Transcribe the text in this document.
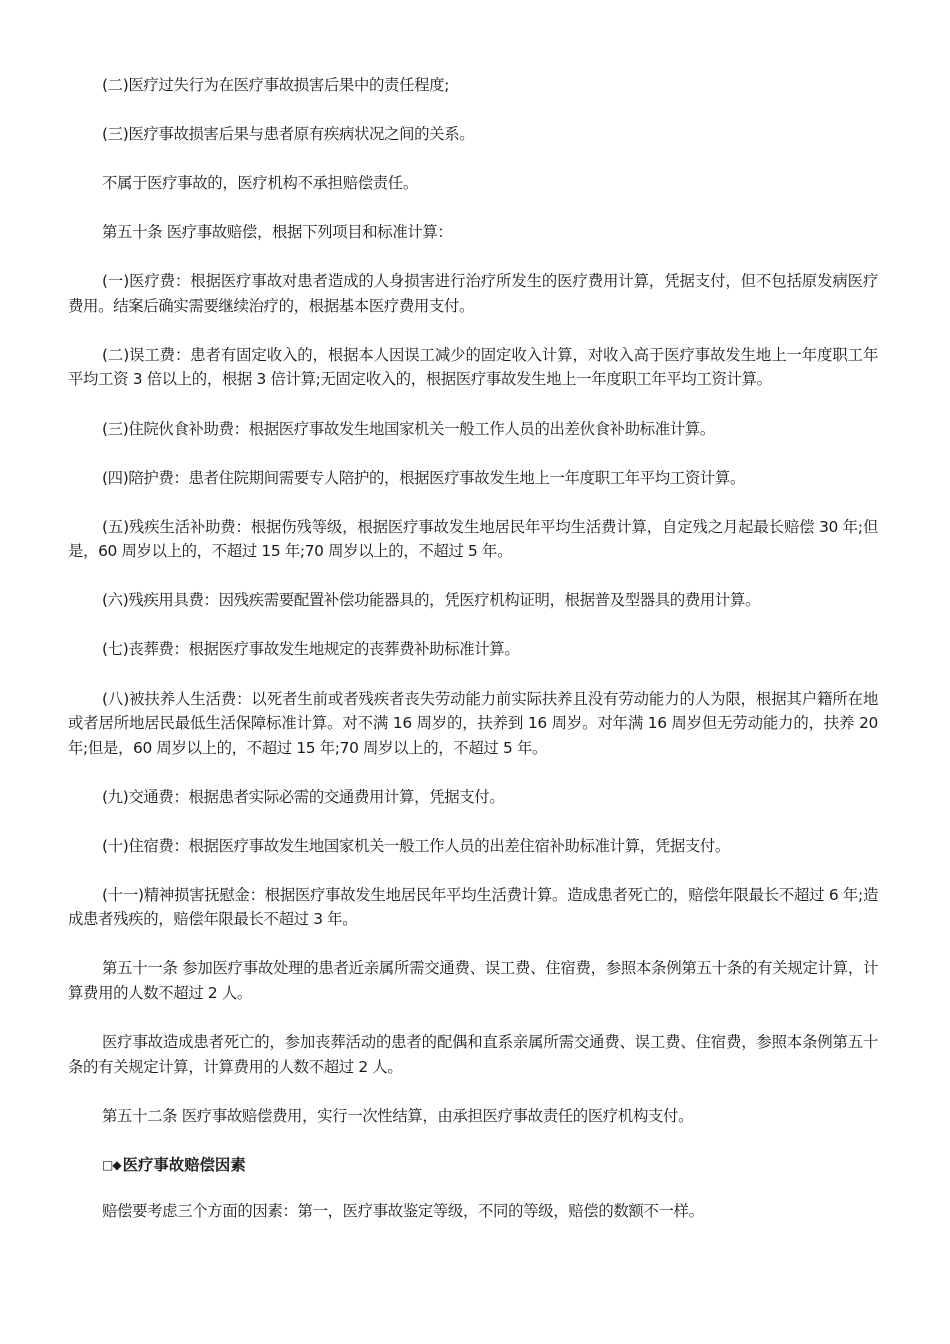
(二)医疗过失行为在医疗事故损害后果中的责任程度;

(三)医疗事故损害后果与患者原有疾病状况之间的关系。

不属于医疗事故的，医疗机构不承担赔偿责任。

第五十条 医疗事故赔偿，根据下列项目和标准计算：

(一)医疗费：根据医疗事故对患者造成的人身损害进行治疗所发生的医疗费用计算，凭据支付，但不包括原发病医疗费用。结案后确实需要继续治疗的，根据基本医疗费用支付。

(二)误工费：患者有固定收入的，根据本人因误工减少的固定收入计算，对收入高于医疗事故发生地上一年度职工年平均工资 3 倍以上的，根据 3 倍计算;无固定收入的，根据医疗事故发生地上一年度职工年平均工资计算。

(三)住院伙食补助费：根据医疗事故发生地国家机关一般工作人员的出差伙食补助标准计算。

(四)陪护费：患者住院期间需要专人陪护的，根据医疗事故发生地上一年度职工年平均工资计算。

(五)残疾生活补助费：根据伤残等级，根据医疗事故发生地居民年平均生活费计算，自定残之月起最长赔偿 30 年;但是，60 周岁以上的，不超过 15 年;70 周岁以上的，不超过 5 年。

(六)残疾用具费：因残疾需要配置补偿功能器具的，凭医疗机构证明，根据普及型器具的费用计算。

(七)丧葬费：根据医疗事故发生地规定的丧葬费补助标准计算。

(八)被扶养人生活费：以死者生前或者残疾者丧失劳动能力前实际扶养且没有劳动能力的人为限，根据其户籍所在地或者居所地居民最低生活保障标准计算。对不满 16 周岁的，扶养到 16 周岁。对年满 16 周岁但无劳动能力的，扶养 20 年;但是，60 周岁以上的，不超过 15 年;70 周岁以上的，不超过 5 年。

(九)交通费：根据患者实际必需的交通费用计算，凭据支付。

(十)住宿费：根据医疗事故发生地国家机关一般工作人员的出差住宿补助标准计算，凭据支付。

(十一)精神损害抚慰金：根据医疗事故发生地居民年平均生活费计算。造成患者死亡的，赔偿年限最长不超过 6 年;造成患者残疾的，赔偿年限最长不超过 3 年。

第五十一条 参加医疗事故处理的患者近亲属所需交通费、误工费、住宿费，参照本条例第五十条的有关规定计算，计算费用的人数不超过 2 人。

医疗事故造成患者死亡的，参加丧葬活动的患者的配偶和直系亲属所需交通费、误工费、住宿费，参照本条例第五十条的有关规定计算，计算费用的人数不超过 2 人。

第五十二条 医疗事故赔偿费用，实行一次性结算，由承担医疗事故责任的医疗机构支付。

□◆ 医疗事故赔偿因素

赔偿要考虑三个方面的因素：第一，医疗事故鉴定等级，不同的等级，赔偿的数额不一样。
